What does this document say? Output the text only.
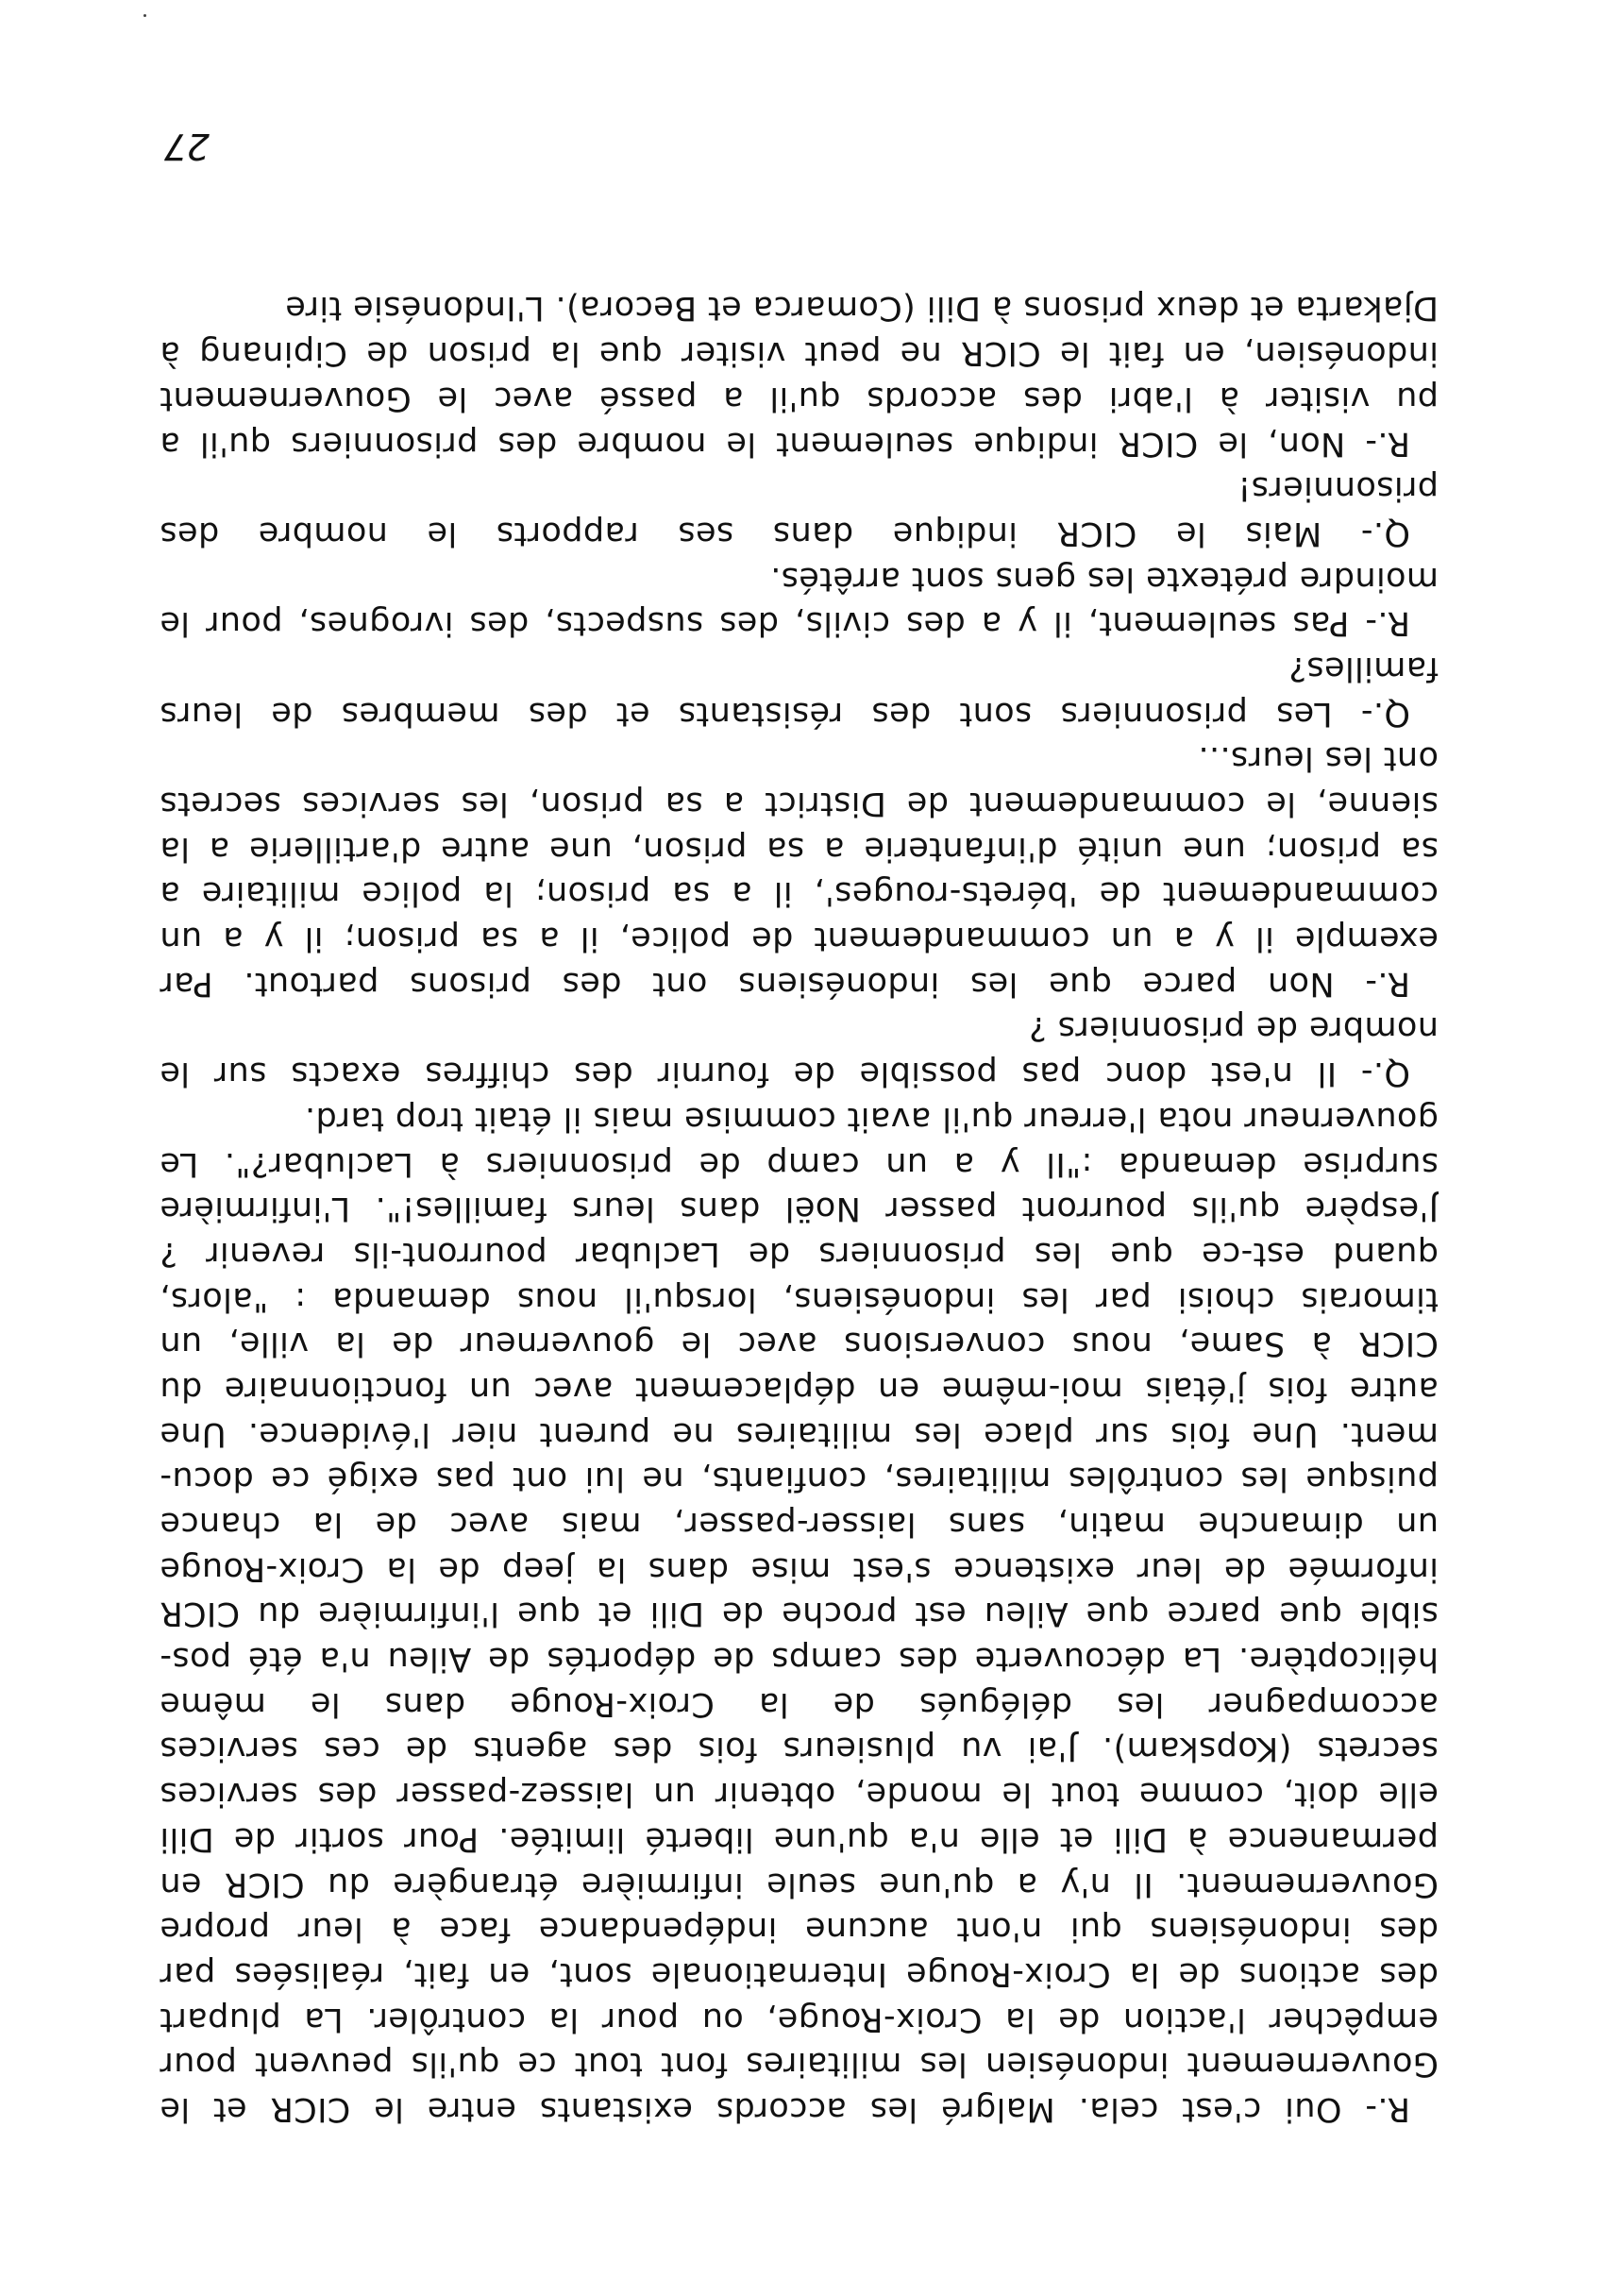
R.- Oui c'est cela. Malgré les accords existants entre le CICR et le
Gouvernement indonésien les militaires font tout ce qu'ils peuvent pour
empêcher l'action de la Croix-Rouge, ou pour la contrôler. La plupart
des actions de la Croix-Rouge Internationale sont, en fait, réalisées par
des indonésiens qui n'ont aucune indépendance face à leur propre
Gouvernement. Il n'y a qu'une seule infirmière étrangère du CICR en
permanence à Dili et elle n'a qu'une liberté limitée. Pour sortir de Dili
elle doit, comme tout le monde, obtenir un laissez-passer des services
secrets (Kopskam). J'ai vu plusieurs fois des agents de ces services
accompagner les délégués de la Croix-Rouge dans le même
hélicoptère. La découverte des camps de déportés de Aileu n'a été pos-
sible que parce que Aileu est proche de Dili et que l'infirmière du CICR
informée de leur existence s'est mise dans la jeep de la Croix-Rouge
un dimanche matin, sans laisser-passer, mais avec de la chance
puisque les contrôles militaires, confiants, ne lui ont pas exigé ce docu-
ment. Une fois sur place les militaires ne purent nier l'évidence. Une
autre fois j'étais moi-même en déplacement avec un fonctionnaire du
CICR à Same, nous conversions avec le gouverneur de la ville, un
timorais choisi par les indonésiens, lorsqu'il nous demanda : "alors,
quand est-ce que les prisonniers de Laclubar pourront-ils revenir ?
J'espère qu'ils pourront passer Noël dans leurs familles!". L'infirmière
surprise demanda :"Il y a un camp de prisonniers à Laclubar?". Le
gouverneur nota l'erreur qu'il avait commise mais il était trop tard.
Q.- Il n'est donc pas possible de fournir des chiffres exacts sur le
nombre de prisonniers ?
R.- Non parce que les indonésiens ont des prisons partout. Par
exemple il y a un commandement de police, il a sa prison; il y a un
commandement de 'bérets-rouges', il a sa prison; la police militaire a
sa prison; une unité d'infanterie a sa prison, une autre d'artillerie a la
sienne, le commandement de District a sa prison, les services secrets
ont les leurs...
Q.- Les prisonniers sont des résistants et des membres de leurs
familles?
R.- Pas seulement, il y a des civils, des suspects, des ivrognes, pour le
moindre prétexte les gens sont arrêtés.
Q.- Mais le CICR indique dans ses rapports le nombre des
prisonniers!
R.- Non, le CICR indique seulement le nombre des prisonniers qu'il a
pu visiter à l'abri des accords qu'il a passé avec le Gouvernement
indonésien, en fait le CICR ne peut visiter que la prison de Cipinang à
Djakarta et deux prisons à Dili (Comarca et Becora). L'Indonésie tire
27
